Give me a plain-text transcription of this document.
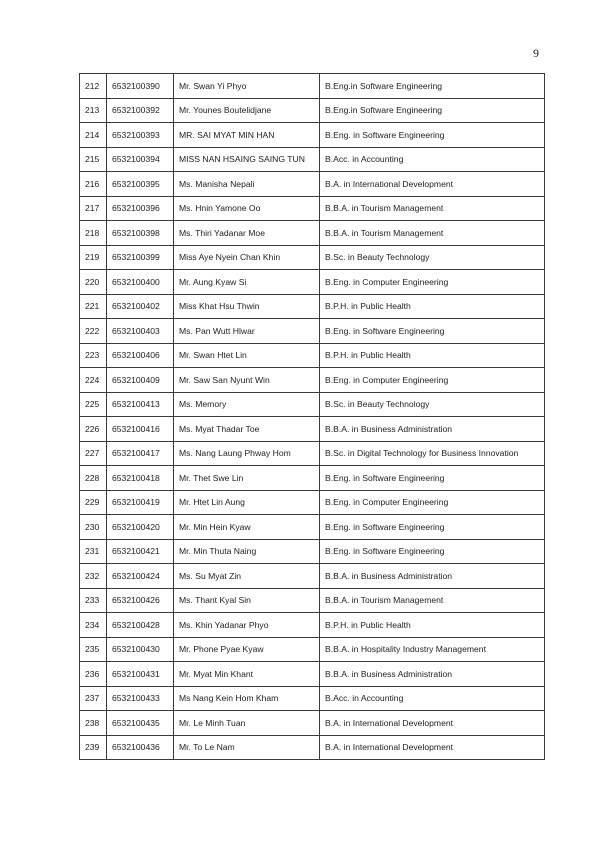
9
212	6532100390	Mr. Swan Yi Phyo	B.Eng.in Software Engineering
213	6532100392	Mr. Younes Boutelidjane	B.Eng.in Software Engineering
214	6532100393	MR. SAI MYAT MIN HAN	B.Eng. in Software Engineering
215	6532100394	MISS NAN HSAING SAING TUN	B.Acc. in Accounting
216	6532100395	Ms. Manisha Nepali	B.A. in International Development
217	6532100396	Ms. Hnin Yamone Oo	B.B.A. in Tourism Management
218	6532100398	Ms. Thiri Yadanar Moe	B.B.A. in Tourism Management
219	6532100399	Miss Aye Nyein Chan Khin	B.Sc. in Beauty Technology
220	6532100400	Mr. Aung Kyaw Si	B.Eng. in Computer Engineering
221	6532100402	Miss Khat Hsu Thwin	B.P.H. in Public Health
222	6532100403	Ms. Pan Wutt Hlwar	B.Eng. in Software Engineering
223	6532100406	Mr. Swan Htet Lin	B.P.H. in Public Health
224	6532100409	Mr. Saw San Nyunt Win	B.Eng. in Computer Engineering
225	6532100413	Ms. Memory	B.Sc. in Beauty Technology
226	6532100416	Ms. Myat Thadar Toe	B.B.A. in Business Administration
227	6532100417	Ms. Nang Laung Phway Hom	B.Sc. in Digital Technology for Business Innovation
228	6532100418	Mr. Thet Swe Lin	B.Eng. in Software Engineering
229	6532100419	Mr. Htet Lin Aung	B.Eng. in Computer Engineering
230	6532100420	Mr. Min Hein Kyaw	B.Eng. in Software Engineering
231	6532100421	Mr. Min Thuta Naing	B.Eng. in Software Engineering
232	6532100424	Ms. Su Myat Zin	B.B.A. in Business Administration
233	6532100426	Ms. Thant Kyal Sin	B.B.A. in Tourism Management
234	6532100428	Ms. Khin Yadanar Phyo	B.P.H. in Public Health
235	6532100430	Mr. Phone Pyae Kyaw	B.B.A. in Hospitality Industry Management
236	6532100431	Mr. Myat Min Khant	B.B.A. in Business Administration
237	6532100433	Ms Nang Kein Hom Kham	B.Acc. in Accounting
238	6532100435	Mr. Le Minh Tuan	B.A. in International Development
239	6532100436	Mr. To Le Nam	B.A. in International Development
